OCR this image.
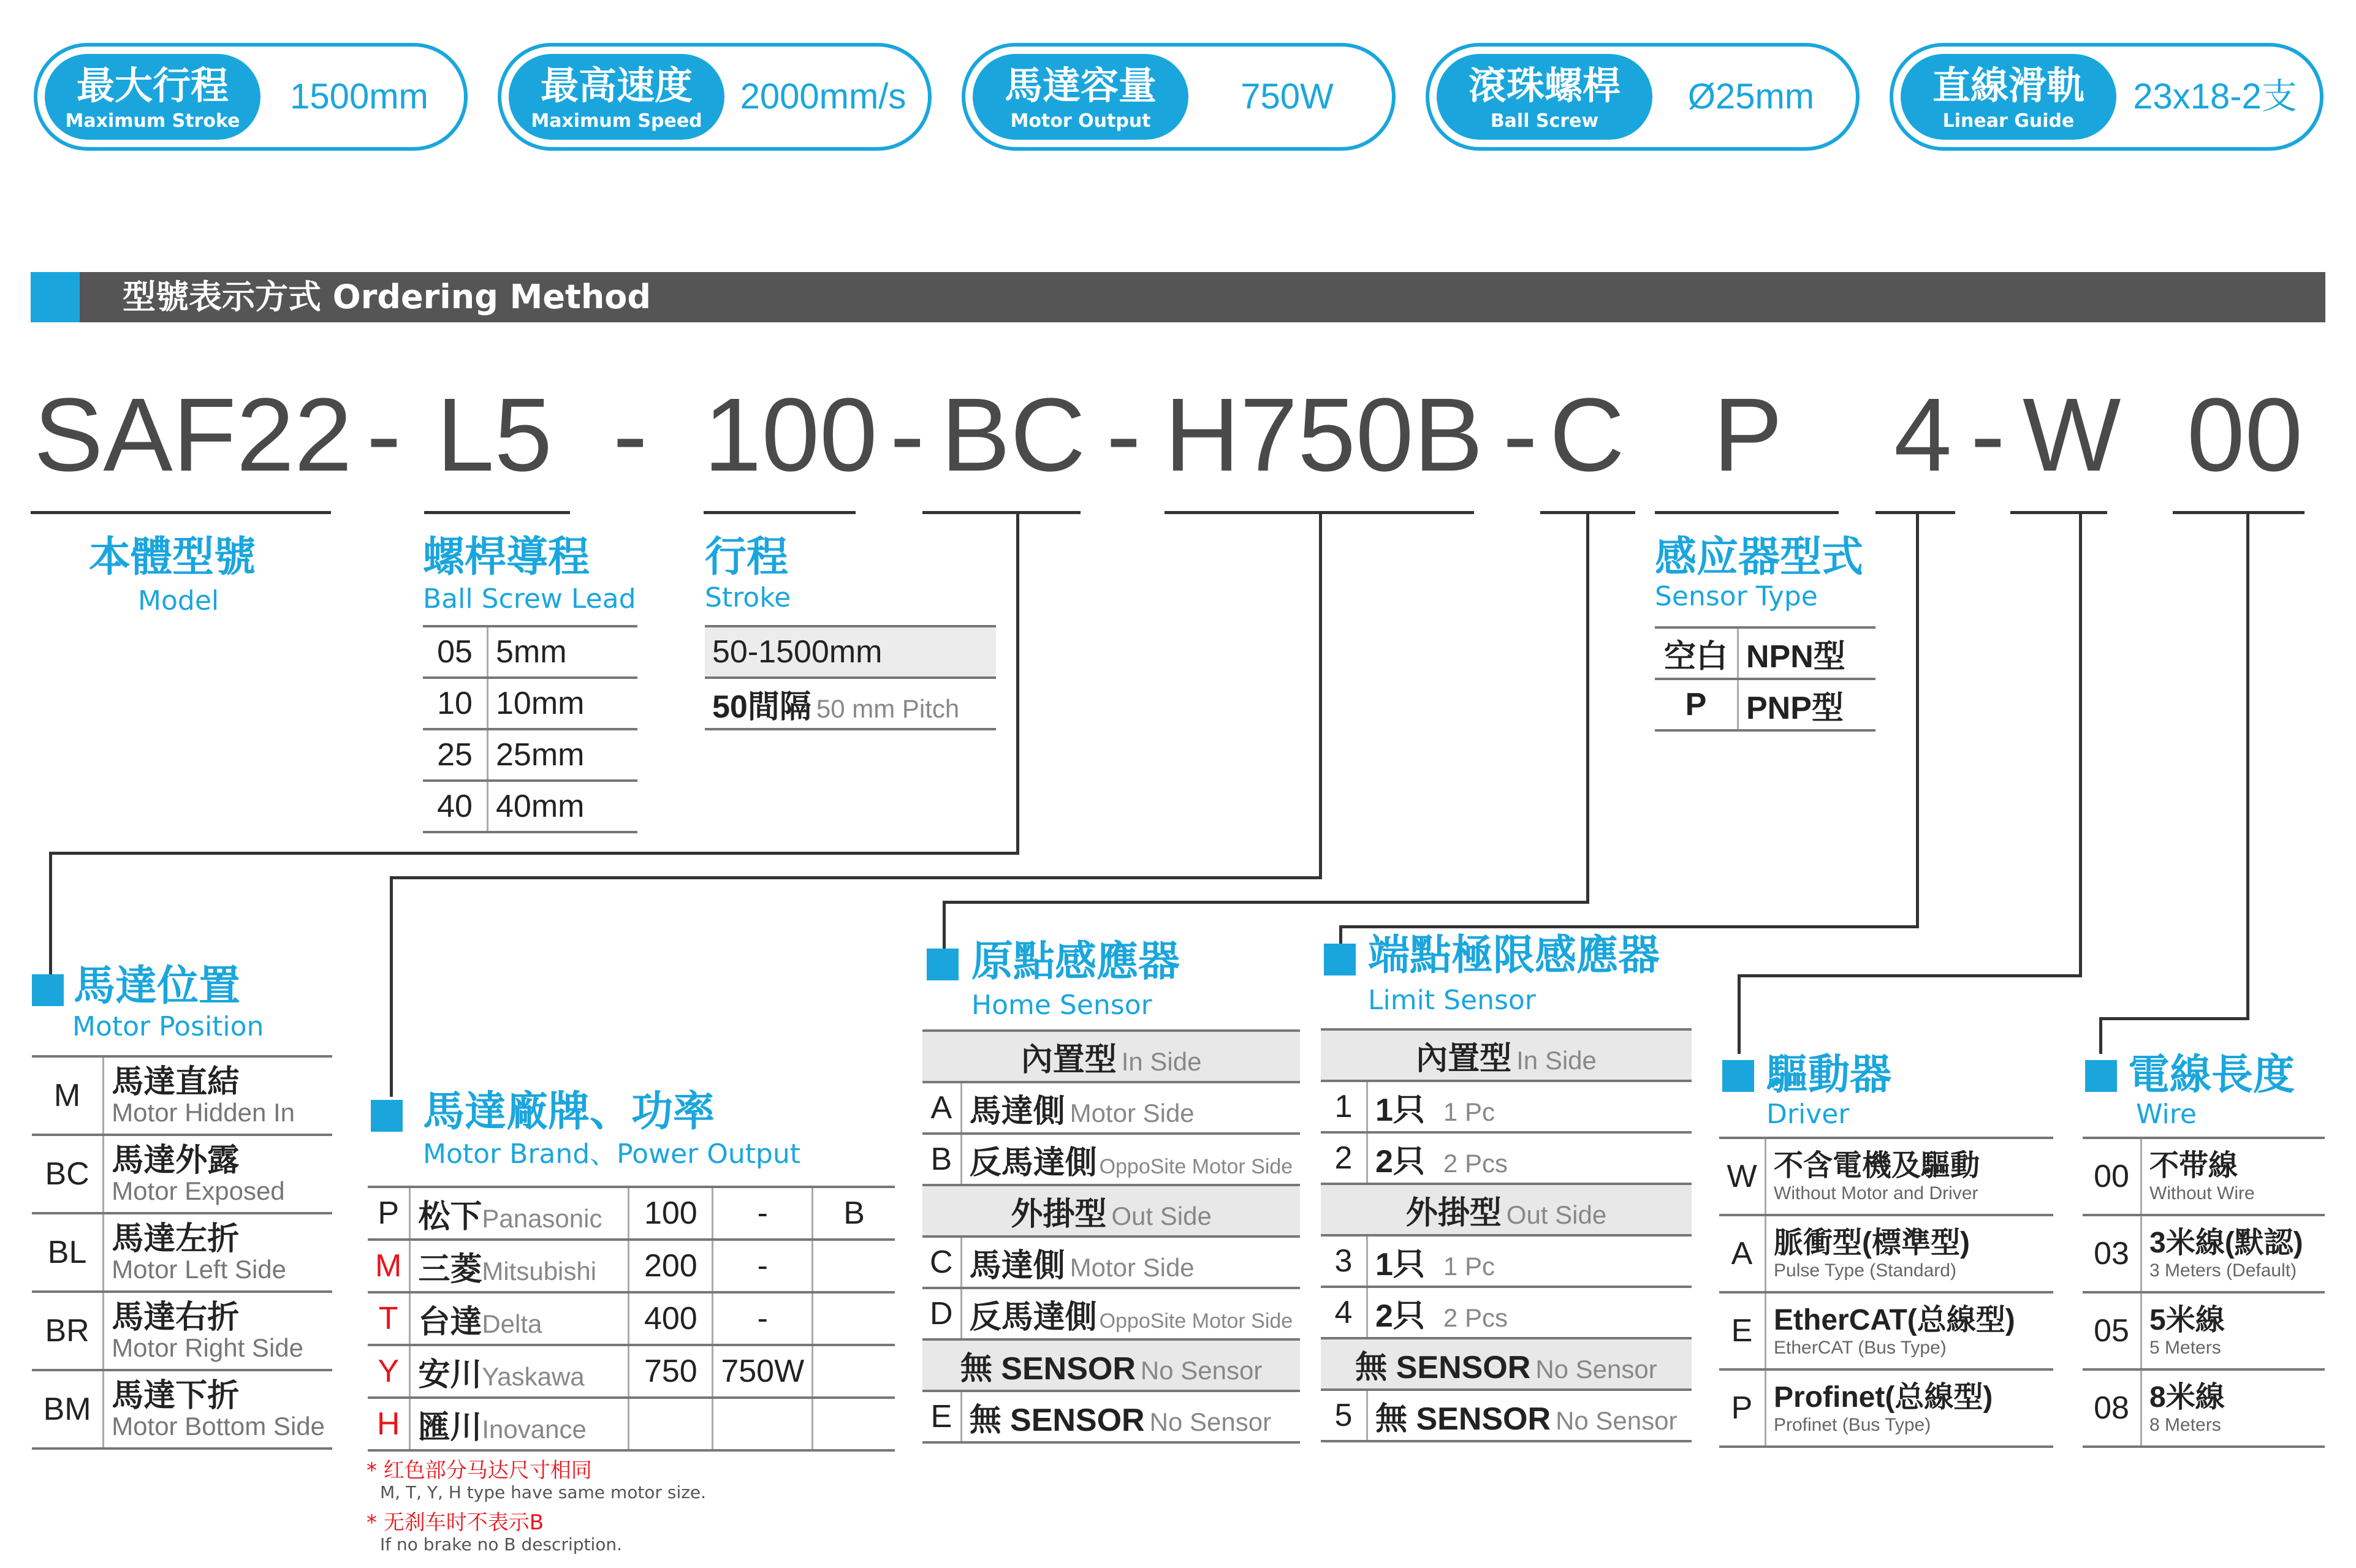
最大行程
Maximum Stroke
1500mm	最高速度
Maximum Speed
2000mm/s	馬達容量
Motor Output
750W	滾珠螺桿
Ball Screw
Ø25mm	直線滑軌
Linear Guide
23x18-2支
型號表示方式 Ordering Method
SAF22 - L5 - 100 - BC - H750B - C P 4 - W 00
本體型號
Model
螺桿導程
Ball Screw Lead
05	5mm
10	10mm
25	25mm
40	40mm
行程
Stroke
50-1500mm
50間隔 50 mm Pitch
感应器型式
Sensor Type
空白	NPN型
P	PNP型
馬達位置
Motor Position
M	馬達直結
Motor Hidden In

BC	馬達外露
Motor Exposed

BL	馬達左折
Motor Left Side

BR	馬達右折
Motor Right Side

BM	馬達下折
Motor Bottom Side
馬達廠牌、功率
Motor Brand、Power Output
P	松下Panasonic	100	-	B
M	三菱Mitsubishi	200	-	
T	台達Delta	400	-	
Y	安川Yaskawa	750	750W	
H	匯川Inovance			
* 红色部分马达尺寸相同
M, T, Y, H type have same motor size.
* 无刹车时不表示B
If no brake no B description.
原點感應器
Home Sensor
內置型 In Side	
A	馬達側 Motor Side
B	反馬達側 OppoSite Motor Side
外掛型 Out Side	
C	馬達側 Motor Side
D	反馬達側 OppoSite Motor Side
無 SENSOR No Sensor	
E	無 SENSOR No Sensor
端點極限感應器
Limit Sensor
內置型 In Side	
1	1只 1 Pc
2	2只 2 Pcs
外掛型 Out Side	
3	1只 1 Pc
4	2只 2 Pcs
無 SENSOR No Sensor	
5	無 SENSOR No Sensor
驅動器
Driver
W	不含電機及驅動
Without Motor and Driver

A	脈衝型(標準型)
Pulse Type (Standard)

E	EtherCAT(总線型)
EtherCAT (Bus Type)

P	Profinet(总線型)
Profinet (Bus Type)
電線長度
Wire
00	不带線
Without Wire

03	3米線(默認)
3 Meters (Default)

05	5米線
5 Meters

08	8米線
8 Meters
